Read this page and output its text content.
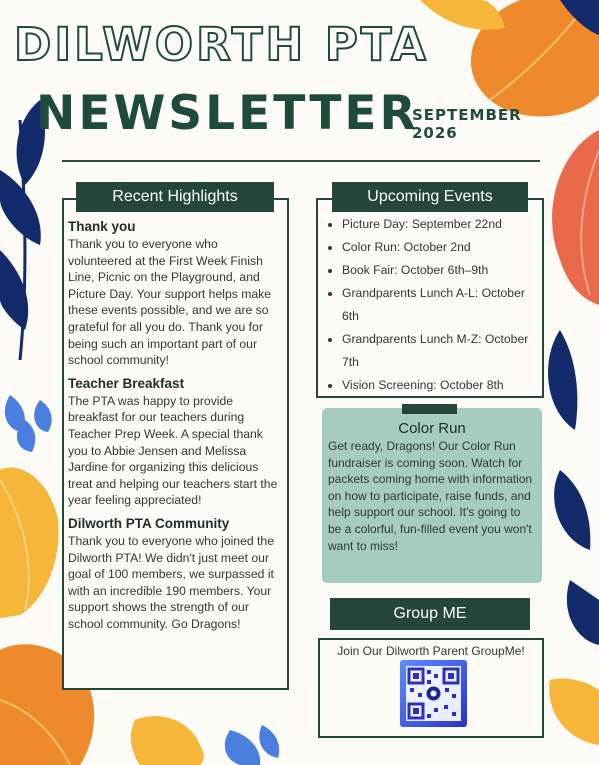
DILWORTH PTA
NEWSLETTER
SEPTEMBER
2026
Recent Highlights
Thank you

Thank you to everyone who volunteered at the First Week Finish Line, Picnic on the Playground, and Picture Day. Your support helps make these events possible, and we are so grateful for all you do. Thank you for being such an important part of our school community!

Teacher Breakfast

The PTA was happy to provide breakfast for our teachers during Teacher Prep Week. A special thank you to Abbie Jensen and Melissa Jardine for organizing this delicious treat and helping our teachers start the year feeling appreciated!

Dilworth PTA Community

Thank you to everyone who joined the Dilworth PTA! We didn't just meet our goal of 100 members, we surpassed it with an incredible 190 members. Your support shows the strength of our school community. Go Dragons!

Upcoming Events
• Picture Day: September 22nd
• Color Run: October 2nd
• Book Fair: October 6th–9th
• Grandparents Lunch A-L: October 6th
• Grandparents Lunch M-Z: October 7th
• Vision Screening: October 8th
Color Run
Get ready, Dragons! Our Color Run fundraiser is coming soon. Watch for packets coming home with information on how to participate, raise funds, and help support our school. It's going to be a colorful, fun-filled event you won't want to miss!
Group ME
Join Our Dilworth Parent GroupMe!
